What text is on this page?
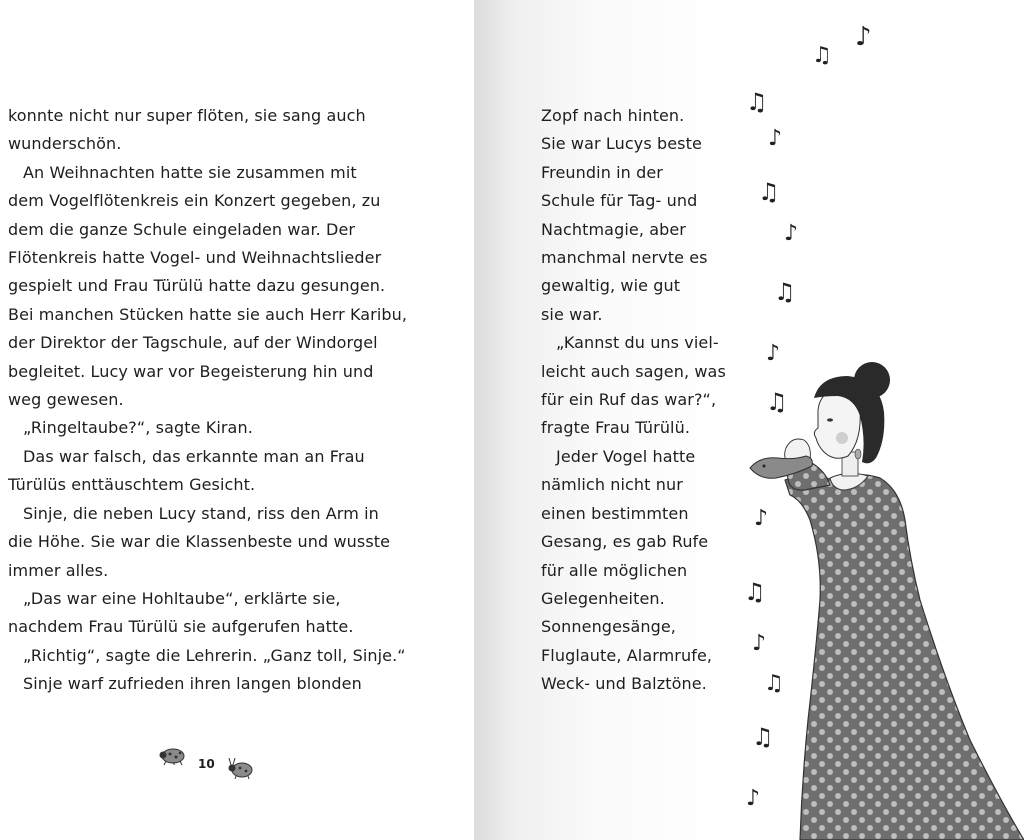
konnte nicht nur super flöten, sie sang auch
wunderschön.
An Weihnachten hatte sie zusammen mit
dem Vogelflötenkreis ein Konzert gegeben, zu
dem die ganze Schule eingeladen war. Der
Flötenkreis hatte Vogel- und Weihnachtslieder
gespielt und Frau Türülü hatte dazu gesungen.
Bei manchen Stücken hatte sie auch Herr Karibu,
der Direktor der Tagschule, auf der Windorgel
begleitet. Lucy war vor Begeisterung hin und
weg gewesen.
„Ringeltaube?“, sagte Kiran.
Das war falsch, das erkannte man an Frau
Türülüs enttäuschtem Gesicht.
Sinje, die neben Lucy stand, riss den Arm in
die Höhe. Sie war die Klassenbeste und wusste
immer alles.
„Das war eine Hohltaube“, erklärte sie,
nachdem Frau Türülü sie aufgerufen hatte.
„Richtig“, sagte die Lehrerin. „Ganz toll, Sinje.“
Sinje warf zufrieden ihren langen blonden
Zopf nach hinten.
Sie war Lucys beste
Freundin in der
Schule für Tag- und
Nachtmagie, aber
manchmal nervte es
gewaltig, wie gut
sie war.
„Kannst du uns viel-
leicht auch sagen, was
für ein Ruf das war?“,
fragte Frau Türülü.
Jeder Vogel hatte
nämlich nicht nur
einen bestimmten
Gesang, es gab Rufe
für alle möglichen
Gelegenheiten.
Sonnengesänge,
Fluglaute, Alarmrufe,
Weck- und Balztöne.
10
♪
♫
♫
♪
♫
♪
♫
♪
♫
♪
♫
♪
♫
♫
♪
